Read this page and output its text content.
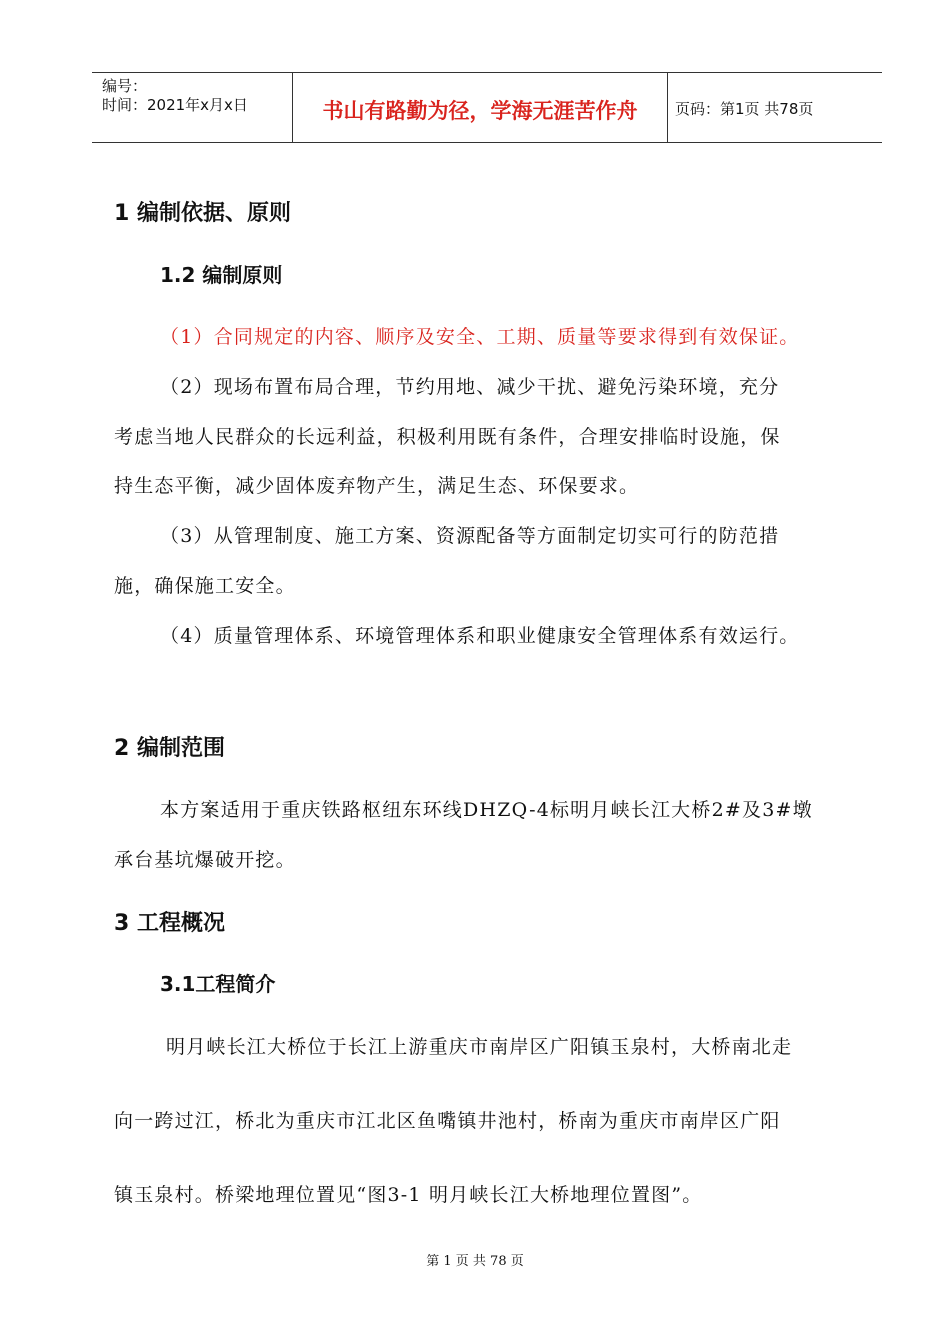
编号：
时间：2021年x月x日	书山有路勤为径，学海无涯苦作舟	页码：第1页 共78页
1 编制依据、原则
1.2 编制原则
（1）合同规定的内容、顺序及安全、工期、质量等要求得到有效保证。
（2）现场布置布局合理，节约用地、减少干扰、避免污染环境，充分
考虑当地人民群众的长远利益，积极利用既有条件，合理安排临时设施，保
持生态平衡，减少固体废弃物产生，满足生态、环保要求。
（3）从管理制度、施工方案、资源配备等方面制定切实可行的防范措
施，确保施工安全。
（4）质量管理体系、环境管理体系和职业健康安全管理体系有效运行。
2 编制范围
本方案适用于重庆铁路枢纽东环线DHZQ-4标明月峡长江大桥2#及3#墩
承台基坑爆破开挖。
3 工程概况
3.1工程简介
明月峡长江大桥位于长江上游重庆市南岸区广阳镇玉泉村，大桥南北走
向一跨过江，桥北为重庆市江北区鱼嘴镇井池村，桥南为重庆市南岸区广阳
镇玉泉村。桥梁地理位置见“图3-1 明月峡长江大桥地理位置图”。
第 1 页 共 78 页
